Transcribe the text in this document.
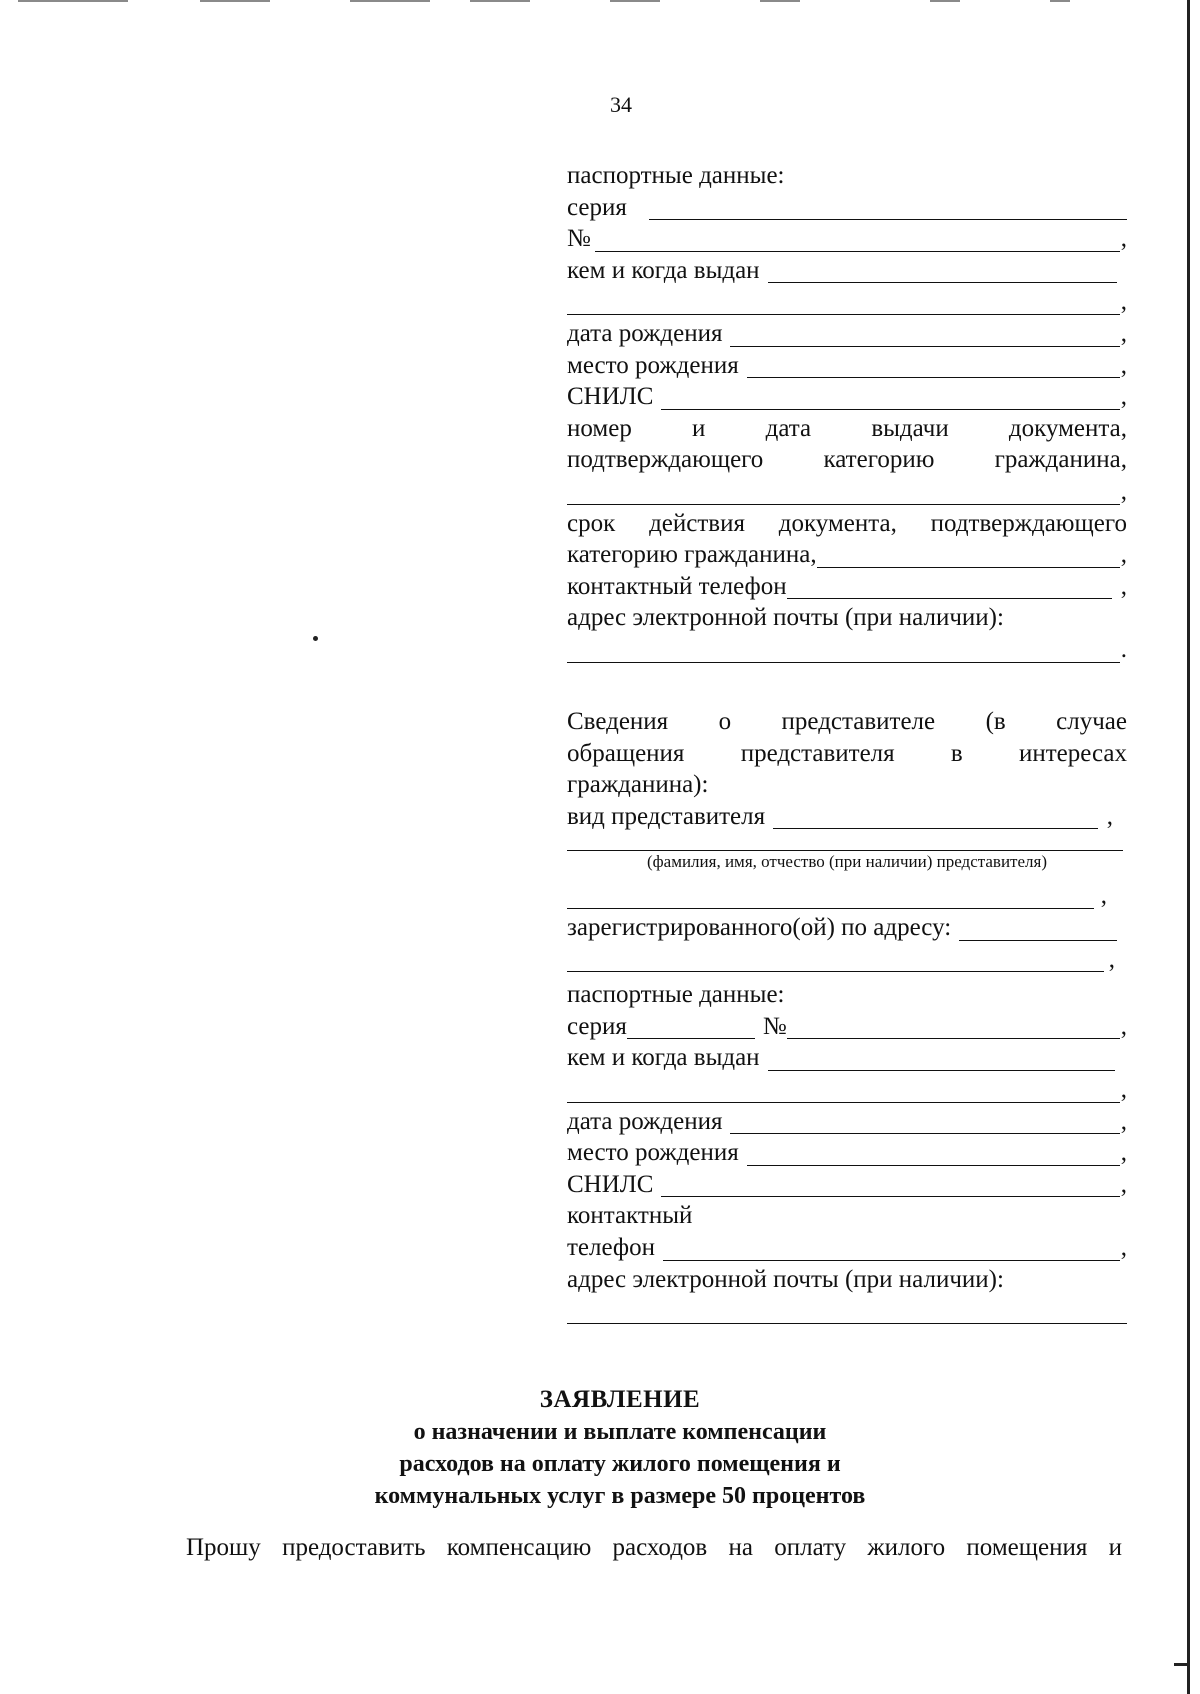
34
паспортные данные:
серия
№	,
кем и когда выдан
,
дата рождения	,
место рождения	,
СНИЛС	,
номер и дата выдачи документа,
подтверждающего категорию гражданина,
,
срок действия документа, подтверждающего
категорию гражданина,	,
контактный телефон	,
адрес электронной почты (при наличии):
.
Сведения о представителе (в случае
обращения представителя в интересах
гражданина):
вид представителя	,
(фамилия, имя, отчество (при наличии) представителя)
,
зарегистрированного(ой) по адресу:
,
паспортные данные:
серия	№	,
кем и когда выдан
,
дата рождения	,
место рождения	,
СНИЛС	,
контактный
телефон	,
адрес электронной почты (при наличии):
ЗАЯВЛЕНИЕ
о назначении и выплате компенсации
расходов на оплату жилого помещения и
коммунальных услуг в размере 50 процентов
Прошу предоставить компенсацию расходов на оплату жилого помещения и
